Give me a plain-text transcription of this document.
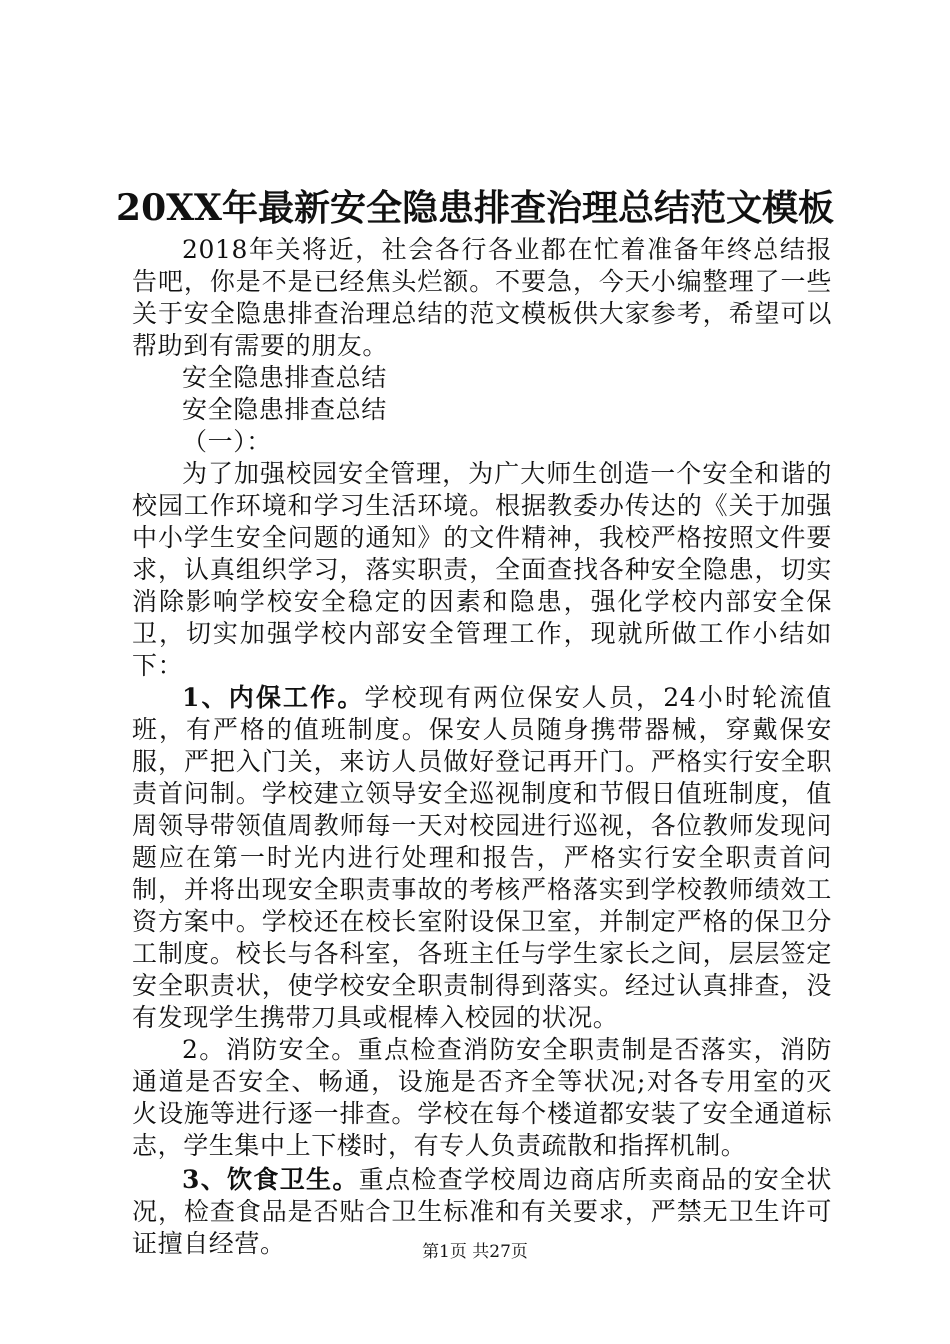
20XX年最新安全隐患排查治理总结范文模板

2018年关将近，社会各行各业都在忙着准备年终总结报告吧，你是不是已经焦头烂额。不要急，今天小编整理了一些关于安全隐患排查治理总结的范文模板供大家参考，希望可以帮助到有需要的朋友。

安全隐患排查总结

安全隐患排查总结

（一）：

为了加强校园安全管理，为广大师生创造一个安全和谐的校园工作环境和学习生活环境。根据教委办传达的《关于加强中小学生安全问题的通知》的文件精神，我校严格按照文件要求，认真组织学习，落实职责，全面查找各种安全隐患，切实消除影响学校安全稳定的因素和隐患，强化学校内部安全保卫，切实加强学校内部安全管理工作，现就所做工作小结如下：

1、内保工作。学校现有两位保安人员，24小时轮流值班，有严格的值班制度。保安人员随身携带器械，穿戴保安服，严把入门关，来访人员做好登记再开门。严格实行安全职责首问制。学校建立领导安全巡视制度和节假日值班制度，值周领导带领值周教师每一天对校园进行巡视，各位教师发现问题应在第一时光内进行处理和报告，严格实行安全职责首问制，并将出现安全职责事故的考核严格落实到学校教师绩效工资方案中。学校还在校长室附设保卫室，并制定严格的保卫分工制度。校长与各科室，各班主任与学生家长之间，层层签定安全职责状，使学校安全职责制得到落实。经过认真排查，没有发现学生携带刀具或棍棒入校园的状况。

2。消防安全。重点检查消防安全职责制是否落实，消防通道是否安全、畅通，设施是否齐全等状况;对各专用室的灭火设施等进行逐一排查。学校在每个楼道都安装了安全通道标志，学生集中上下楼时，有专人负责疏散和指挥机制。

3、饮食卫生。重点检查学校周边商店所卖商品的安全状况，检查食品是否贴合卫生标准和有关要求，严禁无卫生许可证擅自经营。	第1页 共27页
